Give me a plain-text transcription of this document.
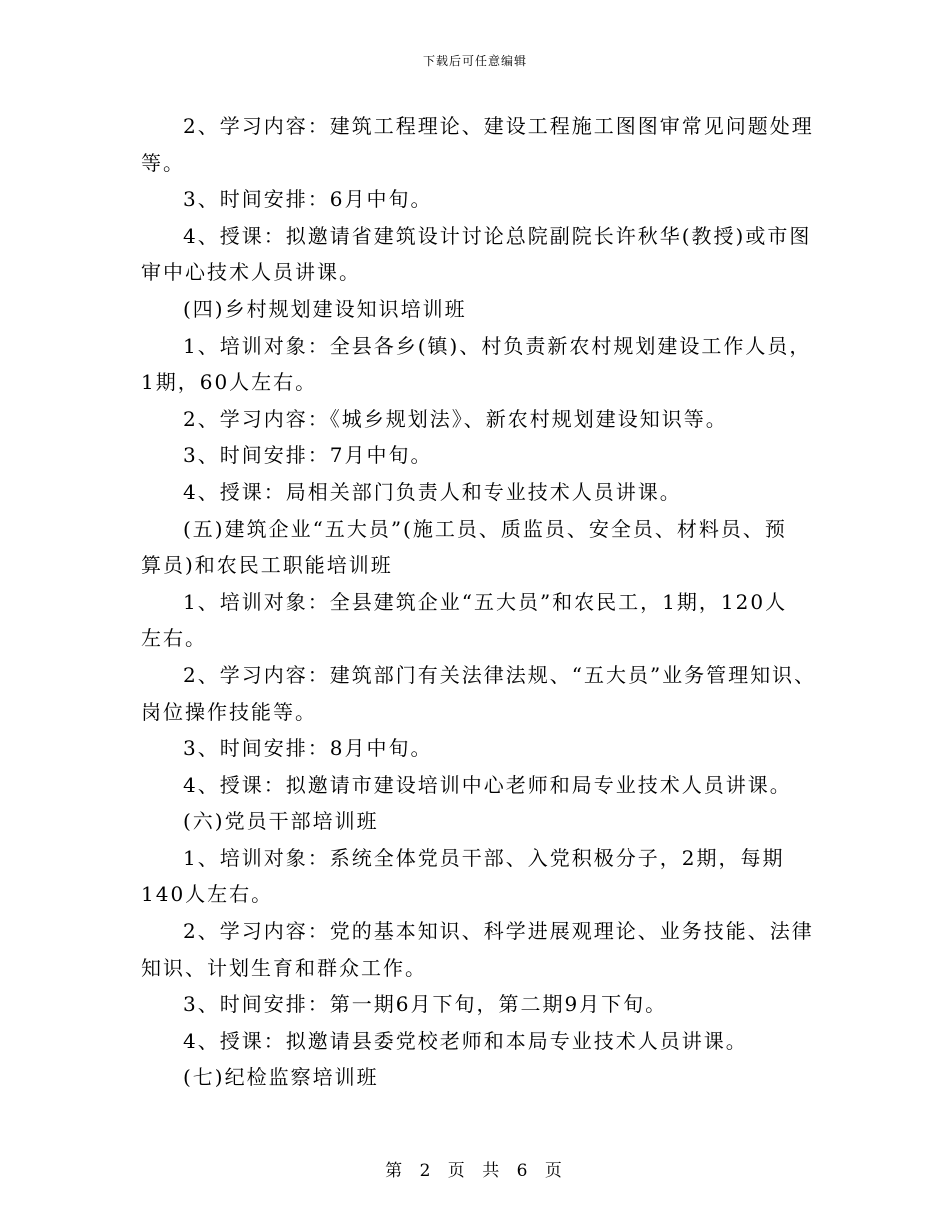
下载后可任意编辑
2、学习内容：建筑工程理论、建设工程施工图图审常见问题处理
等。
3、时间安排：6月中旬。
4、授课：拟邀请省建筑设计讨论总院副院长许秋华(教授)或市图
审中心技术人员讲课。
(四)乡村规划建设知识培训班
1、培训对象：全县各乡(镇)、村负责新农村规划建设工作人员，
1期，60人左右。
2、学习内容：《城乡规划法》、新农村规划建设知识等。
3、时间安排：7月中旬。
4、授课：局相关部门负责人和专业技术人员讲课。
(五)建筑企业“五大员”(施工员、质监员、安全员、材料员、预
算员)和农民工职能培训班
1、培训对象：全县建筑企业“五大员”和农民工，1期，120人
左右。
2、学习内容：建筑部门有关法律法规、“五大员”业务管理知识、
岗位操作技能等。
3、时间安排：8月中旬。
4、授课：拟邀请市建设培训中心老师和局专业技术人员讲课。
(六)党员干部培训班
1、培训对象：系统全体党员干部、入党积极分子，2期，每期
140人左右。
2、学习内容：党的基本知识、科学进展观理论、业务技能、法律
知识、计划生育和群众工作。
3、时间安排：第一期6月下旬，第二期9月下旬。
4、授课：拟邀请县委党校老师和本局专业技术人员讲课。
(七)纪检监察培训班
第 2 页 共 6 页
